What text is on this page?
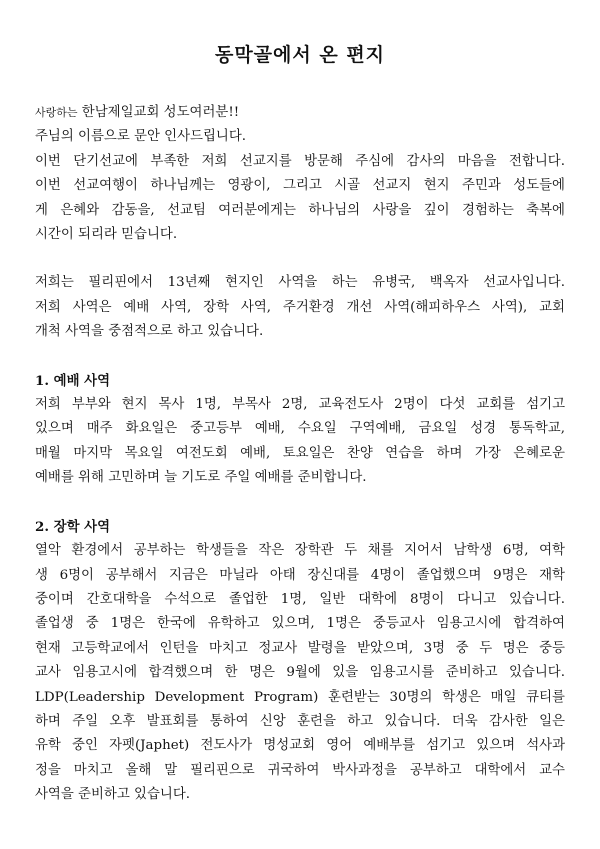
동막골에서 온 편지
사랑하는 한남제일교회 성도여러분!!
주님의 이름으로 문안 인사드립니다.
이번 단기선교에 부족한 저희 선교지를 방문해 주심에 감사의 마음을 전합니다.
이번 선교여행이 하나님께는 영광이, 그리고 시골 선교지 현지 주민과 성도들에
게 은혜와 감동을, 선교팀 여러분에게는 하나님의 사랑을 깊이 경험하는 축복에
시간이 되리라 믿습니다.
저희는 필리핀에서 13년째 현지인 사역을 하는 유병국, 백옥자 선교사입니다.
저희 사역은 예배 사역, 장학 사역, 주거환경 개선 사역(해피하우스 사역), 교회
개척 사역을 중점적으로 하고 있습니다.
1. 예배 사역
저희 부부와 현지 목사 1명, 부목사 2명, 교육전도사 2명이 다섯 교회를 섬기고
있으며 매주 화요일은 중고등부 예배, 수요일 구역예배, 금요일 성경 통독학교,
매월 마지막 목요일 여전도회 예배, 토요일은 찬양 연습을 하며 가장 은혜로운
예배를 위해 고민하며 늘 기도로 주일 예배를 준비합니다.
2. 장학 사역
열악 환경에서 공부하는 학생들을 작은 장학관 두 채를 지어서 남학생 6명, 여학
생 6명이 공부해서 지금은 마닐라 아태 장신대를 4명이 졸업했으며 9명은 재학
중이며 간호대학을 수석으로 졸업한 1명, 일반 대학에 8명이 다니고 있습니다.
졸업생 중 1명은 한국에 유학하고 있으며, 1명은 중등교사 임용고시에 합격하여
현재 고등학교에서 인턴을 마치고 정교사 발령을 받았으며, 3명 중 두 명은 중등
교사 임용고시에 합격했으며 한 명은 9월에 있을 임용고시를 준비하고 있습니다.
LDP(Leadership Development Program) 훈련받는 30명의 학생은 매일 큐티를
하며 주일 오후 발표회를 통하여 신앙 훈련을 하고 있습니다. 더욱 감사한 일은
유학 중인 자펫(Japhet) 전도사가 명성교회 영어 예배부를 섬기고 있으며 석사과
정을 마치고 올해 말 필리핀으로 귀국하여 박사과정을 공부하고 대학에서 교수
사역을 준비하고 있습니다.
